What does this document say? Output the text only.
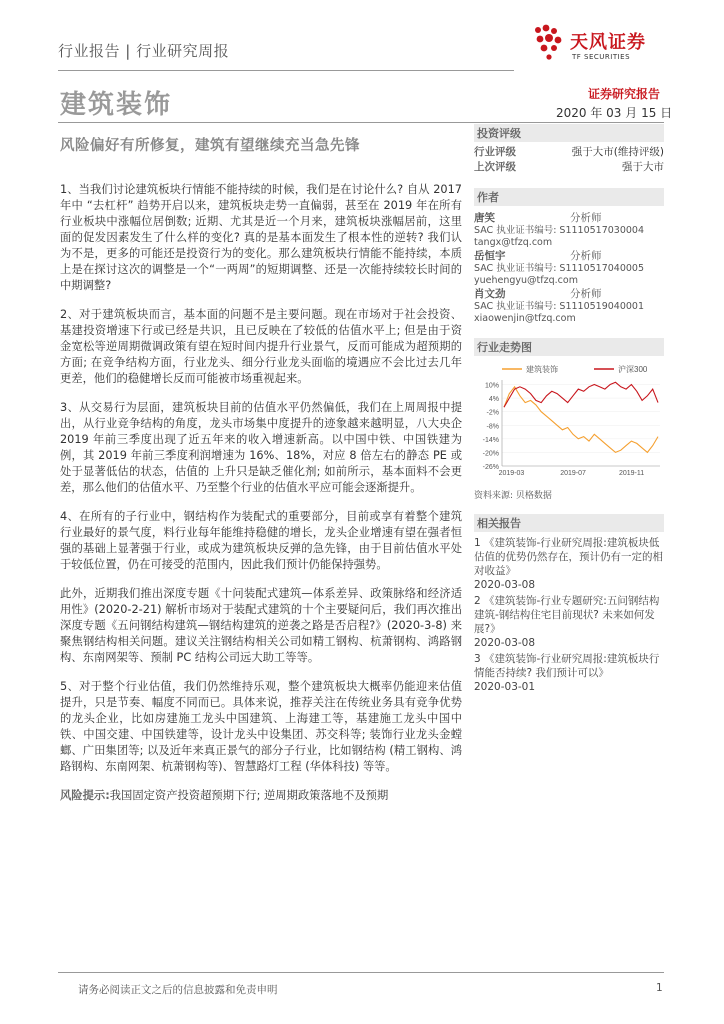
行业报告 | 行业研究周报	天风证券
TF SECURITIES
建筑装饰	证券研究报告
2020 年 03 月 15 日
风险偏好有所修复，建筑有望继续充当急先锋

1、当我们讨论建筑板块行情能不能持续的时候，我们是在讨论什么? 自从 2017 年中 “去杠杆” 趋势开启以来，建筑板块走势一直偏弱，甚至在 2019 年在所有行业板块中涨幅位居倒数; 近期、尤其是近一个月来，建筑板块涨幅居前，这里面的促发因素发生了什么样的变化? 真的是基本面发生了根本性的逆转? 我们认为不是，更多的可能还是投资行为的变化。那么建筑板块行情能不能持续，本质上是在探讨这次的调整是一个“一两周”的短期调整、还是一次能持续较长时间的中期调整?

2、对于建筑板块而言，基本面的问题不是主要问题。现在市场对于社会投资、基建投资增速下行或已经是共识，且已反映在了较低的估值水平上; 但是由于资金宽松等逆周期微调政策有望在短时间内提升行业景气，反而可能成为超预期的方面; 在竞争结构方面，行业龙头、细分行业龙头面临的境遇应不会比过去几年更差，他们的稳健增长反而可能被市场重视起来。

3、从交易行为层面，建筑板块目前的估值水平仍然偏低，我们在上周周报中提出，从行业竞争结构的角度，龙头市场集中度提升的迹象越来越明显，八大央企 2019 年前三季度出现了近五年来的收入增速新高。以中国中铁、中国铁建为例，其 2019 年前三季度利润增速为 16%、18%，对应 8 倍左右的静态 PE 或处于显著低估的状态，估值的 上升只是缺乏催化剂; 如前所示，基本面料不会更差，那么他们的估值水平、乃至整个行业的估值水平应可能会逐渐提升。

4、在所有的子行业中，钢结构作为装配式的重要部分，目前或享有着整个建筑行业最好的景气度，料行业每年能维持稳健的增长，龙头企业增速有望在强者恒强的基础上显著强于行业，或成为建筑板块反弹的急先锋，由于目前估值水平处于较低位置，仍在可接受的范围内，因此我们预计仍能保持强势。

此外，近期我们推出深度专题《十问装配式建筑—体系差异、政策脉络和经济适用性》(2020-2-21) 解析市场对于装配式建筑的十个主要疑问后，我们再次推出深度专题《五问钢结构建筑—钢结构建筑的逆袭之路是否启程?》(2020-3-8) 来聚焦钢结构相关问题。建议关注钢结构相关公司如精工钢构、杭萧钢构、鸿路钢构、东南网架等、预制 PC 结构公司远大助工等等。

5、对于整个行业估值，我们仍然维持乐观，整个建筑板块大概率仍能迎来估值提升，只是节奏、幅度不同而已。具体来说，推荐关注在传统业务具有竞争优势的龙头企业，比如房建施工龙头中国建筑、上海建工等，基建施工龙头中国中铁、中国交建、中国铁建等，设计龙头中设集团、苏交科等; 装饰行业龙头金螳螂、广田集团等; 以及近年来真正景气的部分子行业，比如钢结构 (精工钢构、鸿路钢构、东南网架、杭萧钢构等)、智慧路灯工程 (华体科技) 等等。

风险提示:我国固定资产投资超预期下行; 逆周期政策落地不及预期

投资评级
行业评级	强于大市(维持评级)
上次评级	强于大市
作者
唐笑	分析师
SAC 执业证书编号: S1110517030004
tangx@tfzq.com
岳恒宇	分析师
SAC 执业证书编号: S1110517040005
yuehengyu@tfzq.com
肖文劲	分析师
SAC 执业证书编号: S1110519040001
xiaowenjin@tfzq.com
行业走势图
建筑装饰	沪深300
10%
4%
-2%
-8%
-14%
-20%
-26%
2019-03	2019-07	2019-11
资料来源: 贝格数据
相关报告
1 《建筑装饰-行业研究周报:建筑板块低估值的优势仍然存在，预计仍有一定的相对收益》
2020-03-08
2 《建筑装饰-行业专题研究:五问钢结构建筑-钢结构住宅目前现状? 未来如何发展?》
2020-03-08
3 《建筑装饰-行业研究周报:建筑板块行情能否持续? 我们预计可以》
2020-03-01
请务必阅读正文之后的信息披露和免责申明	1
